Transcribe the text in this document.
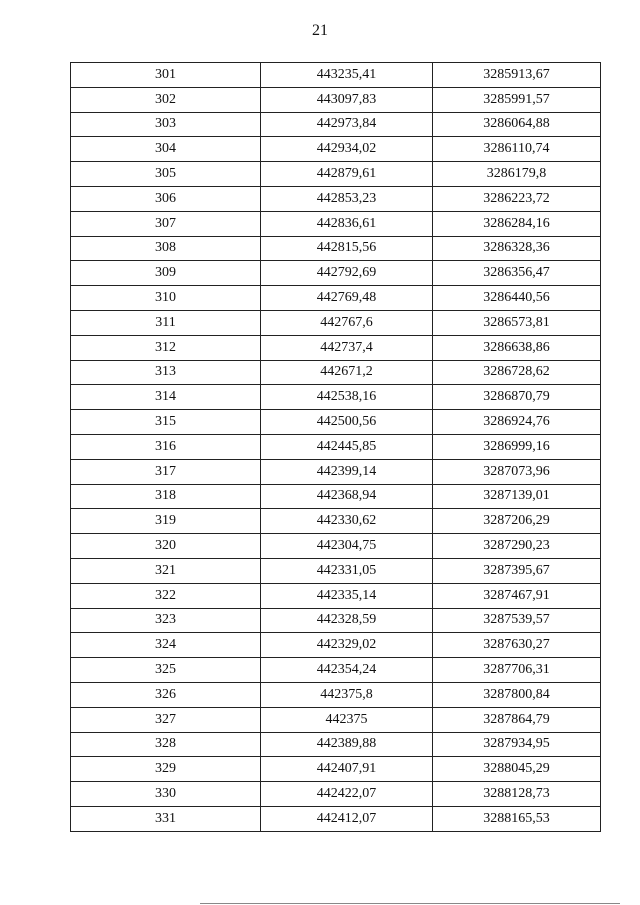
21
301	443235,41	3285913,67
302	443097,83	3285991,57
303	442973,84	3286064,88
304	442934,02	3286110,74
305	442879,61	3286179,8
306	442853,23	3286223,72
307	442836,61	3286284,16
308	442815,56	3286328,36
309	442792,69	3286356,47
310	442769,48	3286440,56
311	442767,6	3286573,81
312	442737,4	3286638,86
313	442671,2	3286728,62
314	442538,16	3286870,79
315	442500,56	3286924,76
316	442445,85	3286999,16
317	442399,14	3287073,96
318	442368,94	3287139,01
319	442330,62	3287206,29
320	442304,75	3287290,23
321	442331,05	3287395,67
322	442335,14	3287467,91
323	442328,59	3287539,57
324	442329,02	3287630,27
325	442354,24	3287706,31
326	442375,8	3287800,84
327	442375	3287864,79
328	442389,88	3287934,95
329	442407,91	3288045,29
330	442422,07	3288128,73
331	442412,07	3288165,53
